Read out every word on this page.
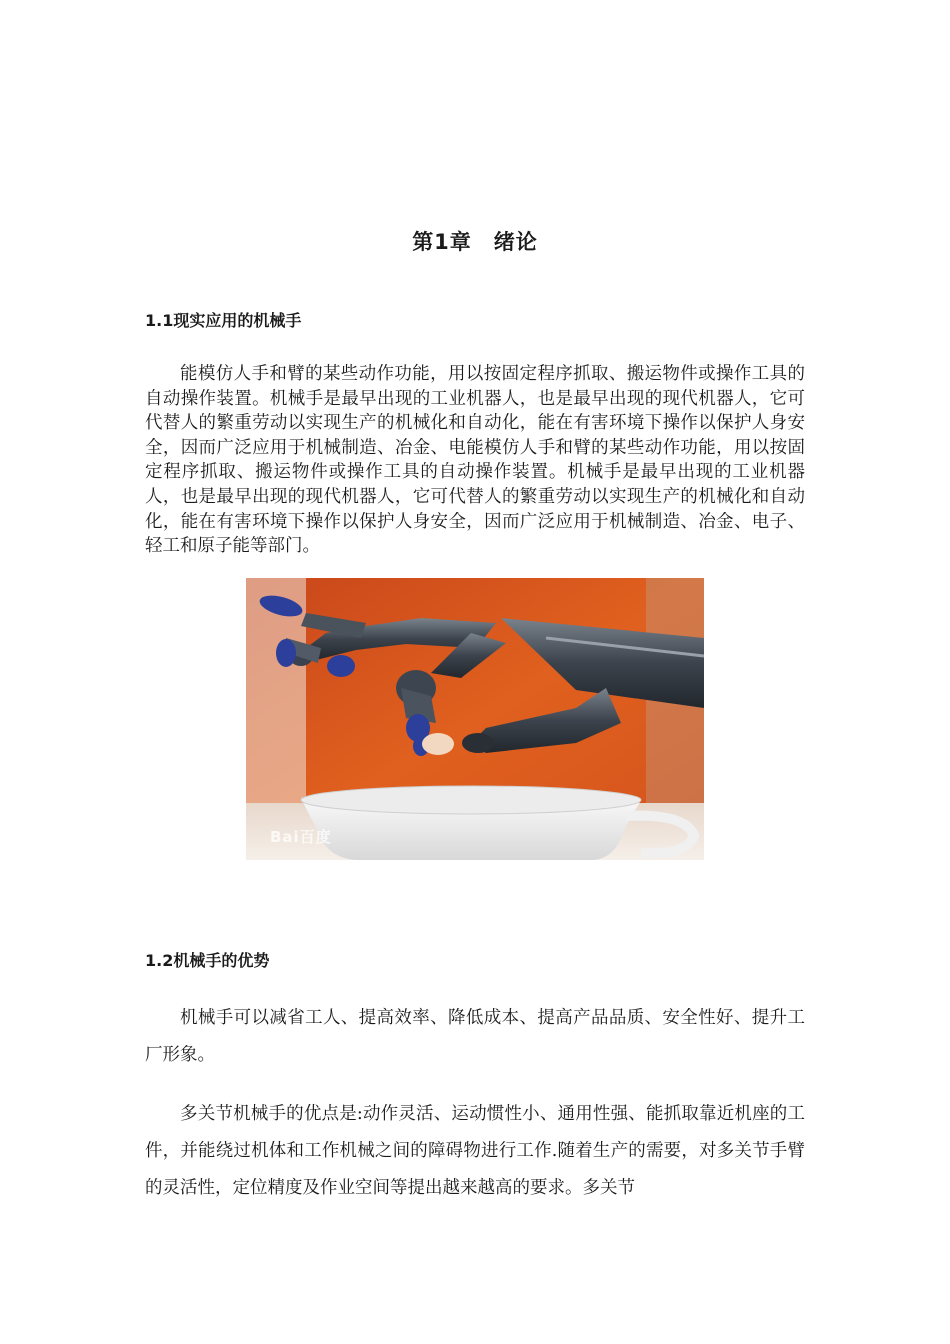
第1章　绪论
1.1现实应用的机械手

能模仿人手和臂的某些动作功能，用以按固定程序抓取、搬运物件或操作工具的自动操作装置。机械手是最早出现的工业机器人，也是最早出现的现代机器人，它可代替人的繁重劳动以实现生产的机械化和自动化，能在有害环境下操作以保护人身安全，因而广泛应用于机械制造、冶金、电能模仿人手和臂的某些动作功能，用以按固定程序抓取、搬运物件或操作工具的自动操作装置。机械手是最早出现的工业机器人，也是最早出现的现代机器人，它可代替人的繁重劳动以实现生产的机械化和自动化，能在有害环境下操作以保护人身安全，因而广泛应用于机械制造、冶金、电子、轻工和原子能等部门。

Bai百度
1.2机械手的优势

机械手可以减省工人、提高效率、降低成本、提高产品品质、安全性好、提升工厂形象。

多关节机械手的优点是:动作灵活、运动惯性小、通用性强、能抓取靠近机座的工件，并能绕过机体和工作机械之间的障碍物进行工作.随着生产的需要，对多关节手臂的灵活性，定位精度及作业空间等提出越来越高的要求。多关节
